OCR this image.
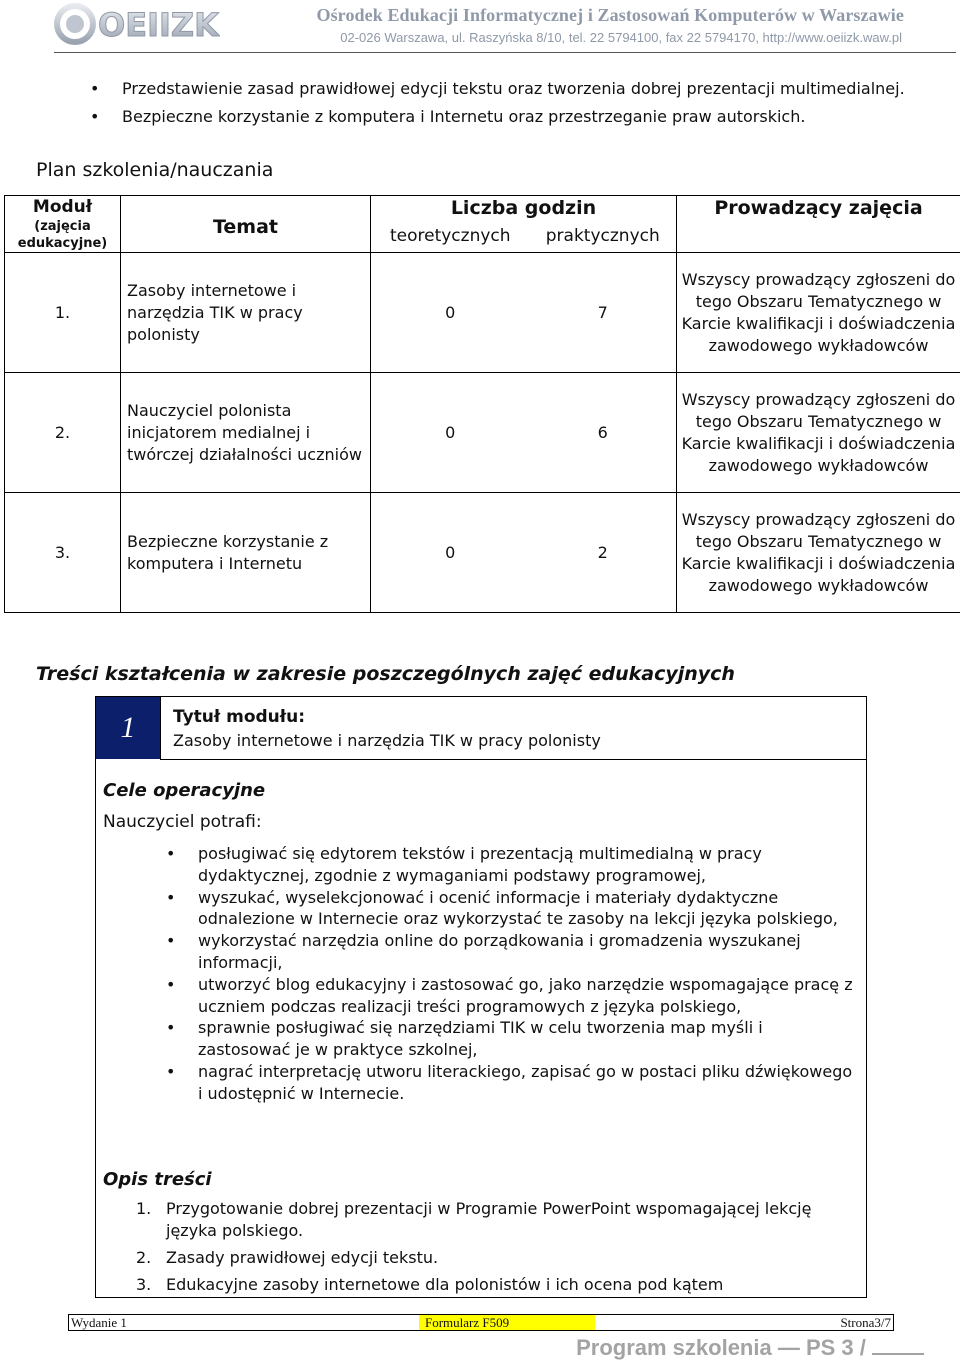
OEIIZK	Ośrodek Edukacji Informatycznej i Zastosowań Komputerów w Warszawie
02-026 Warszawa, ul. Raszyńska 8/10, tel. 22 5794100, fax 22 5794170, http://www.oeiizk.waw.pl
• Przedstawienie zasad prawidłowej edycji tekstu oraz tworzenia dobrej prezentacji multimedialnej.
• Bezpieczne korzystanie z komputera i Internetu oraz przestrzeganie praw autorskich.
Plan szkolenia/nauczania
Moduł
(zajęcia edukacyjne)	Temat	Liczba godzin		Prowadzący zajęcia
		teoretycznych	praktycznych	
1.	Zasoby internetowe i narzędzia TIK w pracy polonisty	0	7	Wszyscy prowadzący zgłoszeni do tego Obszaru Tematycznego w Karcie kwalifikacji i doświadczenia zawodowego wykładowców
2.	Nauczyciel polonista inicjatorem medialnej i twórczej działalności uczniów	0	6	Wszyscy prowadzący zgłoszeni do tego Obszaru Tematycznego w Karcie kwalifikacji i doświadczenia zawodowego wykładowców
3.	Bezpieczne korzystanie z komputera i Internetu	0	2	Wszyscy prowadzący zgłoszeni do tego Obszaru Tematycznego w Karcie kwalifikacji i doświadczenia zawodowego wykładowców
Treści kształcenia w zakresie poszczególnych zajęć edukacyjnych
1	Tytuł modułu:
Zasoby internetowe i narzędzia TIK w pracy polonisty
Cele operacyjne
Nauczyciel potrafi:
• posługiwać się edytorem tekstów i prezentacją multimedialną w pracy dydaktycznej, zgodnie z wymaganiami podstawy programowej,
• wyszukać, wyselekcjonować i ocenić informacje i materiały dydaktyczne odnalezione w Internecie oraz wykorzystać te zasoby na lekcji języka polskiego,
• wykorzystać narzędzia online do porządkowania i gromadzenia wyszukanej informacji,
• utworzyć blog edukacyjny i zastosować go, jako narzędzie wspomagające pracę z uczniem podczas realizacji treści programowych z języka polskiego,
• sprawnie posługiwać się narzędziami TIK w celu tworzenia map myśli i zastosować je w praktyce szkolnej,
• nagrać interpretację utworu literackiego, zapisać go w postaci pliku dźwiękowego i udostępnić w Internecie.
Opis treści
1. Przygotowanie dobrej prezentacji w Programie PowerPoint wspomagającej lekcję języka polskiego.
2. Zasady prawidłowej edycji tekstu.
3. Edukacyjne zasoby internetowe dla polonistów i ich ocena pod kątem
Wydanie 1	Formularz F509	Strona3/7
Program szkolenia — PS 3 /
